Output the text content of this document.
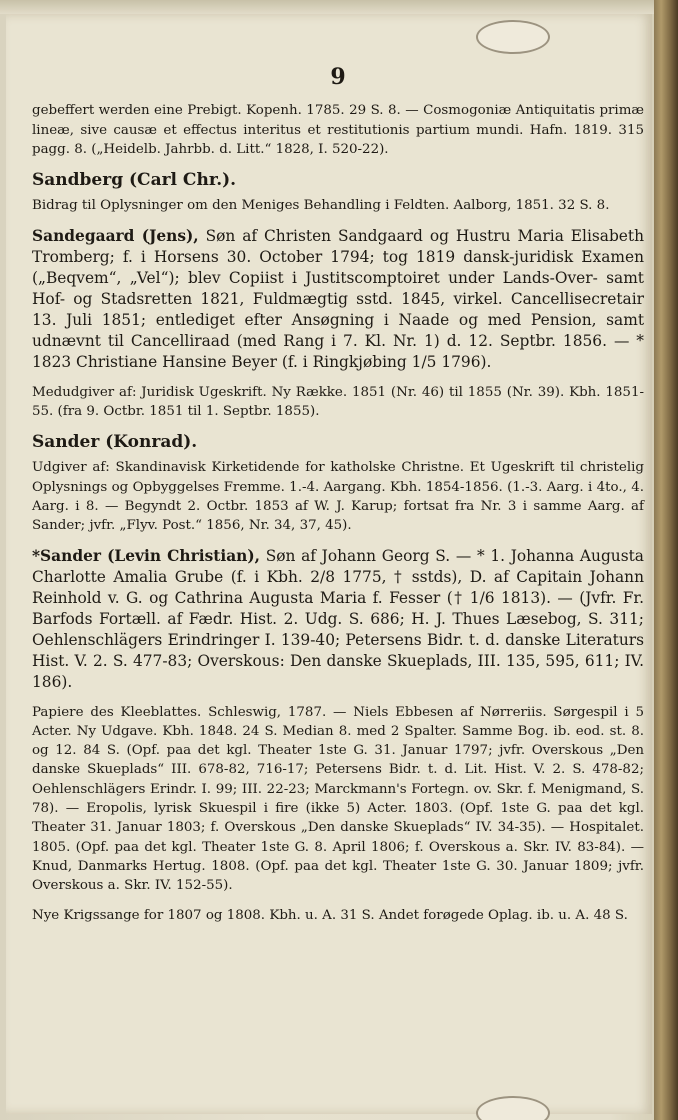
9

gebeffert werden eine Prebigt. Kopenh. 1785. 29 S. 8. — Cosmogoniæ Antiquitatis primæ lineæ, sive causæ et effectus interitus et restitutionis partium mundi. Hafn. 1819. 315 pagg. 8. („Heidelb. Jahrbb. d. Litt.“ 1828, I. 520-22).

Sandberg (Carl Chr.).

Bidrag til Oplysninger om den Meniges Behandling i Feldten. Aalborg, 1851. 32 S. 8.

Sandegaard (Jens), Søn af Christen Sandgaard og Hustru Maria Elisabeth Tromberg; f. i Horsens 30. October 1794; tog 1819 dansk-juridisk Examen („Beqvem“, „Vel“); blev Copiist i Justitscomptoiret under Lands-Over- samt Hof- og Stadsretten 1821, Fuldmægtig sstd. 1845, virkel. Cancellisecretair 13. Juli 1851; entlediget efter Ansøgning i Naade og med Pension, samt udnævnt til Cancelliraad (med Rang i 7. Kl. Nr. 1) d. 12. Septbr. 1856. — * 1823 Christiane Hansine Beyer (f. i Ringkjøbing 1/5 1796).

Medudgiver af: Juridisk Ugeskrift. Ny Række. 1851 (Nr. 46) til 1855 (Nr. 39). Kbh. 1851-55. (fra 9. Octbr. 1851 til 1. Septbr. 1855).

Sander (Konrad).

Udgiver af: Skandinavisk Kirketidende for katholske Christne. Et Ugeskrift til christelig Oplysnings og Opbyggelses Fremme. 1.-4. Aargang. Kbh. 1854-1856. (1.-3. Aarg. i 4to., 4. Aarg. i 8. — Begyndt 2. Octbr. 1853 af W. J. Karup; fortsat fra Nr. 3 i samme Aarg. af Sander; jvfr. „Flyv. Post.“ 1856, Nr. 34, 37, 45).

*Sander (Levin Christian), Søn af Johann Georg S. — * 1. Johanna Augusta Charlotte Amalia Grube (f. i Kbh. 2/8 1775, † sstds), D. af Capitain Johann Reinhold v. G. og Cathrina Augusta Maria f. Fesser († 1/6 1813). — (Jvfr. Fr. Barfods Fortæll. af Fædr. Hist. 2. Udg. S. 686; H. J. Thues Læsebog, S. 311; Oehlenschlägers Erindringer I. 139-40; Petersens Bidr. t. d. danske Literaturs Hist. V. 2. S. 477-83; Overskous: Den danske Skueplads, III. 135, 595, 611; IV. 186).

Papiere des Kleeblattes. Schleswig, 1787. — Niels Ebbesen af Nørreriis. Sørgespil i 5 Acter. Ny Udgave. Kbh. 1848. 24 S. Median 8. med 2 Spalter. Samme Bog. ib. eod. st. 8. og 12. 84 S. (Opf. paa det kgl. Theater 1ste G. 31. Januar 1797; jvfr. Overskous „Den danske Skueplads“ III. 678-82, 716-17; Petersens Bidr. t. d. Lit. Hist. V. 2. S. 478-82; Oehlenschlägers Erindr. I. 99; III. 22-23; Marckmann's Fortegn. ov. Skr. f. Menigmand, S. 78). — Eropolis, lyrisk Skuespil i fire (ikke 5) Acter. 1803. (Opf. 1ste G. paa det kgl. Theater 31. Januar 1803; f. Overskous „Den danske Skueplads“ IV. 34-35). — Hospitalet. 1805. (Opf. paa det kgl. Theater 1ste G. 8. April 1806; f. Overskous a. Skr. IV. 83-84). — Knud, Danmarks Hertug. 1808. (Opf. paa det kgl. Theater 1ste G. 30. Januar 1809; jvfr. Overskous a. Skr. IV. 152-55).

Nye Krigssange for 1807 og 1808. Kbh. u. A. 31 S. Andet forøgede Oplag. ib. u. A. 48 S.
